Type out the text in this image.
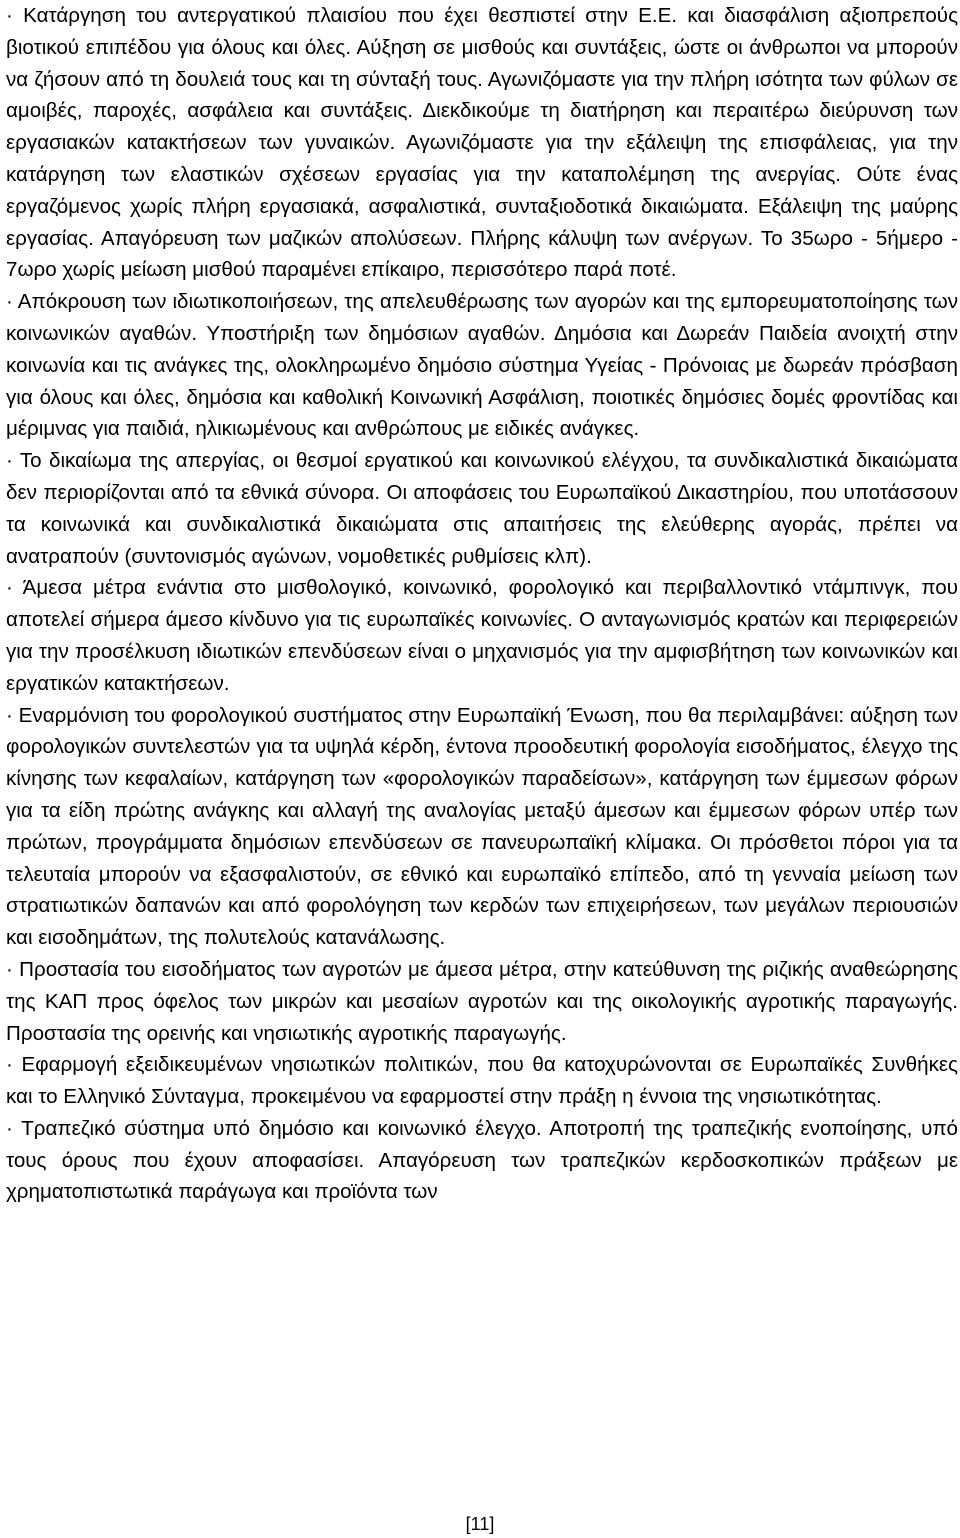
· Κατάργηση του αντεργατικού πλαισίου που έχει θεσπιστεί στην Ε.Ε. και διασφάλιση αξιοπρεπούς βιοτικού επιπέδου για όλους και όλες. Αύξηση σε μισθούς και συντάξεις, ώστε οι άνθρωποι να μπορούν να ζήσουν από τη δουλειά τους και τη σύνταξή τους. Αγωνιζόμαστε για την πλήρη ισότητα των φύλων σε αμοιβές, παροχές, ασφάλεια και συντάξεις. Διεκδικούμε τη διατήρηση και περαιτέρω διεύρυνση των εργασιακών κατακτήσεων των γυναικών. Αγωνιζόμαστε για την εξάλειψη της επισφάλειας, για την κατάργηση των ελαστικών σχέσεων εργασίας για την καταπολέμηση της ανεργίας. Ούτε ένας εργαζόμενος χωρίς πλήρη εργασιακά, ασφαλιστικά, συνταξιοδοτικά δικαιώματα. Εξάλειψη της μαύρης εργασίας. Απαγόρευση των μαζικών απολύσεων. Πλήρης κάλυψη των ανέργων. Το 35ωρο - 5ήμερο - 7ωρο χωρίς μείωση μισθού παραμένει επίκαιρο, περισσότερο παρά ποτέ.

· Απόκρουση των ιδιωτικοποιήσεων, της απελευθέρωσης των αγορών και της εμπορευματοποίησης των κοινωνικών αγαθών. Υποστήριξη των δημόσιων αγαθών. Δημόσια και Δωρεάν Παιδεία ανοιχτή στην κοινωνία και τις ανάγκες της, ολοκληρωμένο δημόσιο σύστημα Υγείας - Πρόνοιας με δωρεάν πρόσβαση για όλους και όλες, δημόσια και καθολική Κοινωνική Ασφάλιση, ποιοτικές δημόσιες δομές φροντίδας και μέριμνας για παιδιά, ηλικιωμένους και ανθρώπους με ειδικές ανάγκες.

· Το δικαίωμα της απεργίας, οι θεσμοί εργατικού και κοινωνικού ελέγχου, τα συνδικαλιστικά δικαιώματα δεν περιορίζονται από τα εθνικά σύνορα. Οι αποφάσεις του Ευρωπαϊκού Δικαστηρίου, που υποτάσσουν τα κοινωνικά και συνδικαλιστικά δικαιώματα στις απαιτήσεις της ελεύθερης αγοράς, πρέπει να ανατραπούν (συντονισμός αγώνων, νομοθετικές ρυθμίσεις κλπ).

· Άμεσα μέτρα ενάντια στο μισθολογικό, κοινωνικό, φορολογικό και περιβαλλοντικό ντάμπινγκ, που αποτελεί σήμερα άμεσο κίνδυνο για τις ευρωπαϊκές κοινωνίες. Ο ανταγωνισμός κρατών και περιφερειών για την προσέλκυση ιδιωτικών επενδύσεων είναι ο μηχανισμός για την αμφισβήτηση των κοινωνικών και εργατικών κατακτήσεων.

· Εναρμόνιση του φορολογικού συστήματος στην Ευρωπαϊκή Ένωση, που θα περιλαμβάνει: αύξηση των φορολογικών συντελεστών για τα υψηλά κέρδη, έντονα προοδευτική φορολογία εισοδήματος, έλεγχο της κίνησης των κεφαλαίων, κατάργηση των «φορολογικών παραδείσων», κατάργηση των έμμεσων φόρων για τα είδη πρώτης ανάγκης και αλλαγή της αναλογίας μεταξύ άμεσων και έμμεσων φόρων υπέρ των πρώτων, προγράμματα δημόσιων επενδύσεων σε πανευρωπαϊκή κλίμακα. Οι πρόσθετοι πόροι για τα τελευταία μπορούν να εξασφαλιστούν, σε εθνικό και ευρωπαϊκό επίπεδο, από τη γενναία μείωση των στρατιωτικών δαπανών και από φορολόγηση των κερδών των επιχειρήσεων, των μεγάλων περιουσιών και εισοδημάτων, της πολυτελούς κατανάλωσης.

· Προστασία του εισοδήματος των αγροτών με άμεσα μέτρα, στην κατεύθυνση της ριζικής αναθεώρησης της ΚΑΠ προς όφελος των μικρών και μεσαίων αγροτών και της οικολογικής αγροτικής παραγωγής. Προστασία της ορεινής και νησιωτικής αγροτικής παραγωγής.

· Εφαρμογή εξειδικευμένων νησιωτικών πολιτικών, που θα κατοχυρώνονται σε Ευρωπαϊκές Συνθήκες και το Ελληνικό Σύνταγμα, προκειμένου να εφαρμοστεί στην πράξη η έννοια της νησιωτικότητας.

· Τραπεζικό σύστημα υπό δημόσιο και κοινωνικό έλεγχο. Αποτροπή της τραπεζικής ενοποίησης, υπό τους όρους που έχουν αποφασίσει. Απαγόρευση των τραπεζικών κερδοσκοπικών πράξεων με χρηματοπιστωτικά παράγωγα και προϊόντα των

[11]
